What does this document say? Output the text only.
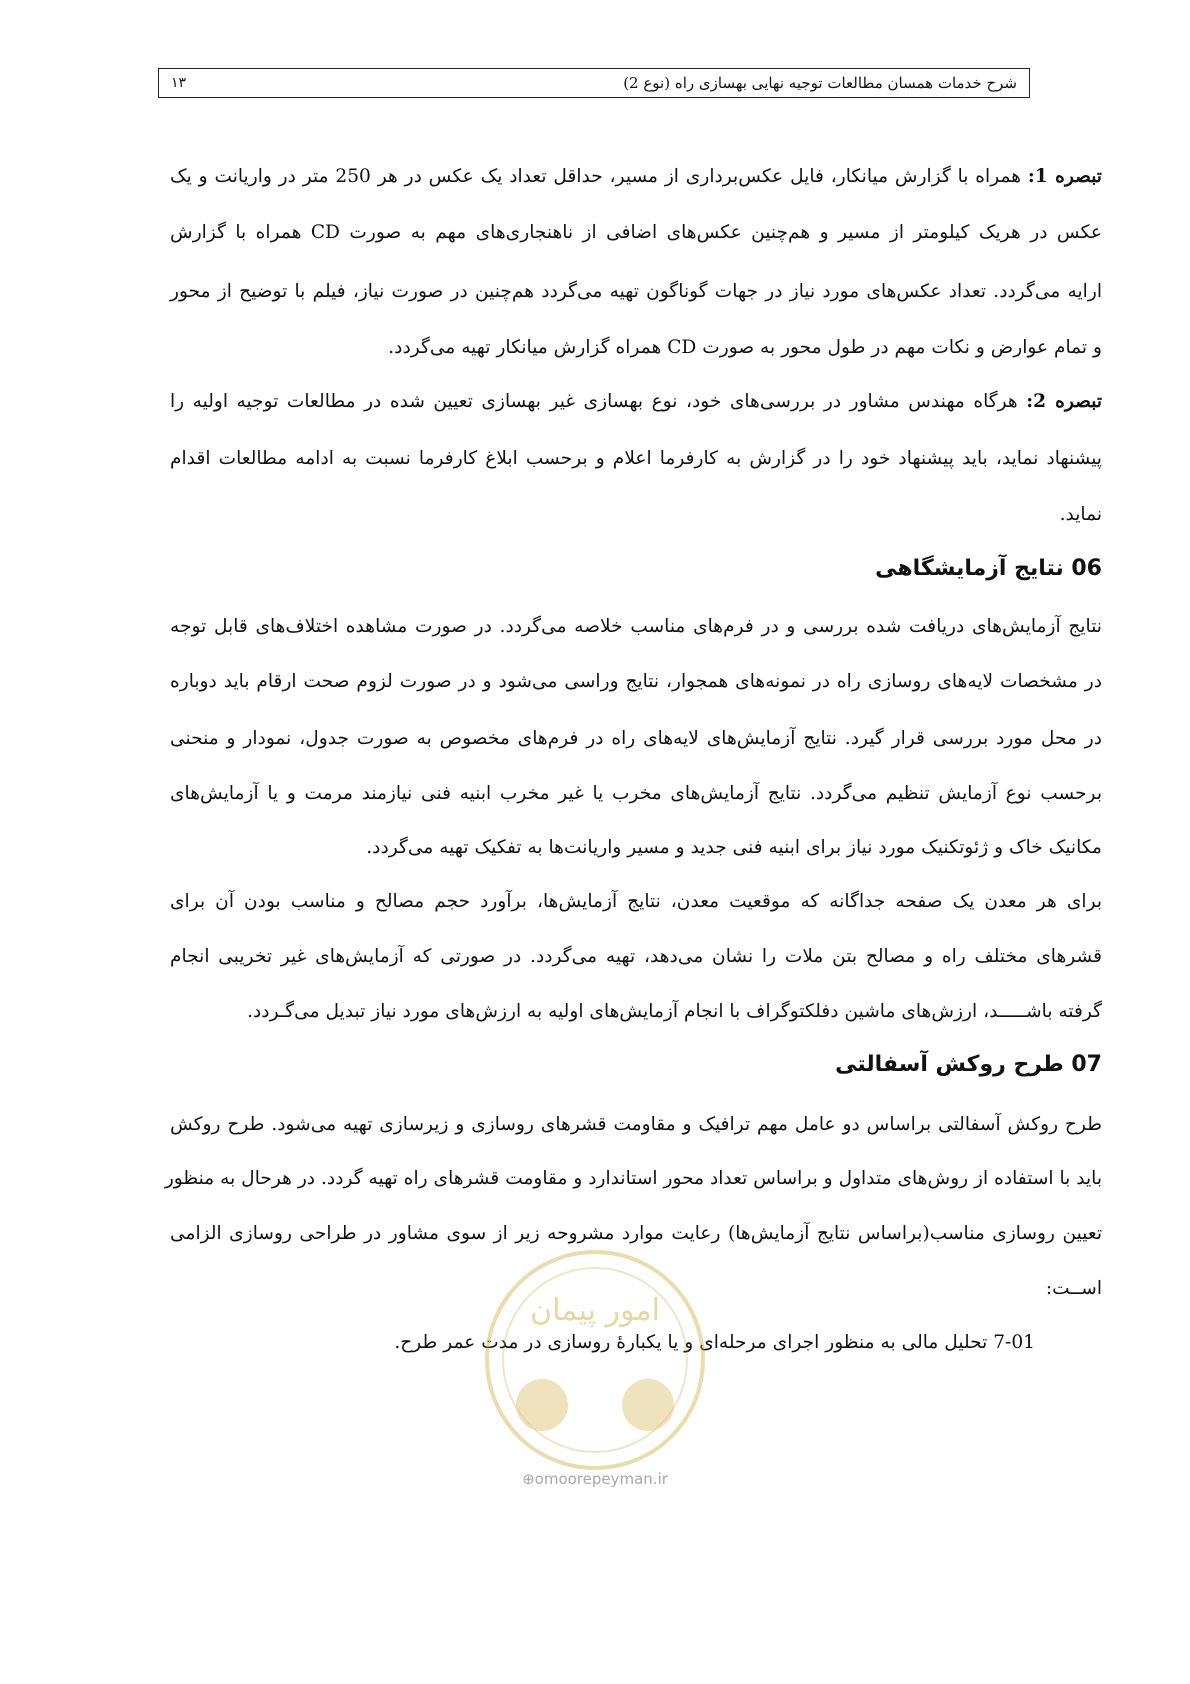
شرح خدمات همسان مطالعات توجیه نهایی بهسازی راه (نوع 2)
۱۳
تبصره 1: همراه با گزارش میانکار، فایل عکس‌برداری از مسیر، حداقل تعداد یک عکس در هر 250 متر در واریانت و یک
عکس در هریک کیلومتر از مسیر و هم‌چنین عکس‌های اضافی از ناهنجاری‌های مهم به صورت CD همراه با گزارش
ارایه می‌گردد. تعداد عکس‌های مورد نیاز در جهات گوناگون تهیه می‌گردد هم‌چنین در صورت نیاز، فیلم با توضیح از محور
و تمام عوارض و نکات مهم در طول محور به صورت CD همراه گزارش میانکار تهیه می‌گردد.
تبصره 2: هرگاه مهندس مشاور در بررسی‌های خود، نوع بهسازی غیر بهسازی تعیین شده در مطالعات توجیه اولیه را
پیشنهاد نماید، باید پیشنهاد خود را در گزارش به کارفرما اعلام و برحسب ابلاغ کارفرما نسبت به ادامه مطالعات اقدام
نماید.
06 نتایج آزمایشگاهی
نتایج آزمایش‌های دریافت شده بررسی و در فرم‌های مناسب خلاصه می‌گردد. در صورت مشاهده اختلاف‌های قابل توجه
در مشخصات لایه‌های روسازی راه در نمونه‌های همجوار، نتایج وراسی می‌شود و در صورت لزوم صحت ارقام باید دوباره
در محل مورد بررسی قرار گیرد. نتایج آزمایش‌های لایه‌های راه در فرم‌های مخصوص به صورت جدول، نمودار و منحنی
برحسب نوع آزمایش تنظیم می‌گردد. نتایج آزمایش‌های مخرب یا غیر مخرب ابنیه فنی نیازمند مرمت و یا آزمایش‌های
مکانیک خاک و ژئوتکنیک مورد نیاز برای ابنیه فنی جدید و مسیر واریانت‌ها به تفکیک تهیه می‌گردد.
برای هر معدن یک صفحه جداگانه که موقعیت معدن، نتایج آزمایش‌ها، برآورد حجم مصالح و مناسب بودن آن برای
قشرهای مختلف راه و مصالح بتن ملات را نشان می‌دهد، تهیه می‌گردد. در صورتی که آزمایش‌های غیر تخریبی انجام
گرفته باشـــــد، ارزش‌های ماشین دفلکتوگراف با انجام آزمایش‌های اولیه به ارزش‌های مورد نیاز تبدیل می‌گـردد.
07 طرح روکش آسفالتی
طرح روکش آسفالتی براساس دو عامل مهم ترافیک و مقاومت قشرهای روسازی و زیرسازی تهیه می‌شود. طرح روکش
باید با استفاده از روش‌های متداول و براساس تعداد محور استاندارد و مقاومت قشرهای راه تهیه گردد. در هرحال به منظور
تعیین روسازی مناسب(براساس نتایج آزمایش‌ها) رعایت موارد مشروحه زیر از سوی مشاور در طراحی روسازی الزامی
اســت:
7-01 تحلیل مالی به منظور اجرای مرحله‌ای و یا یکبارهٔ روسازی در مدت عمر طرح.
امور پیمان
⊕omoorepeyman.ir
